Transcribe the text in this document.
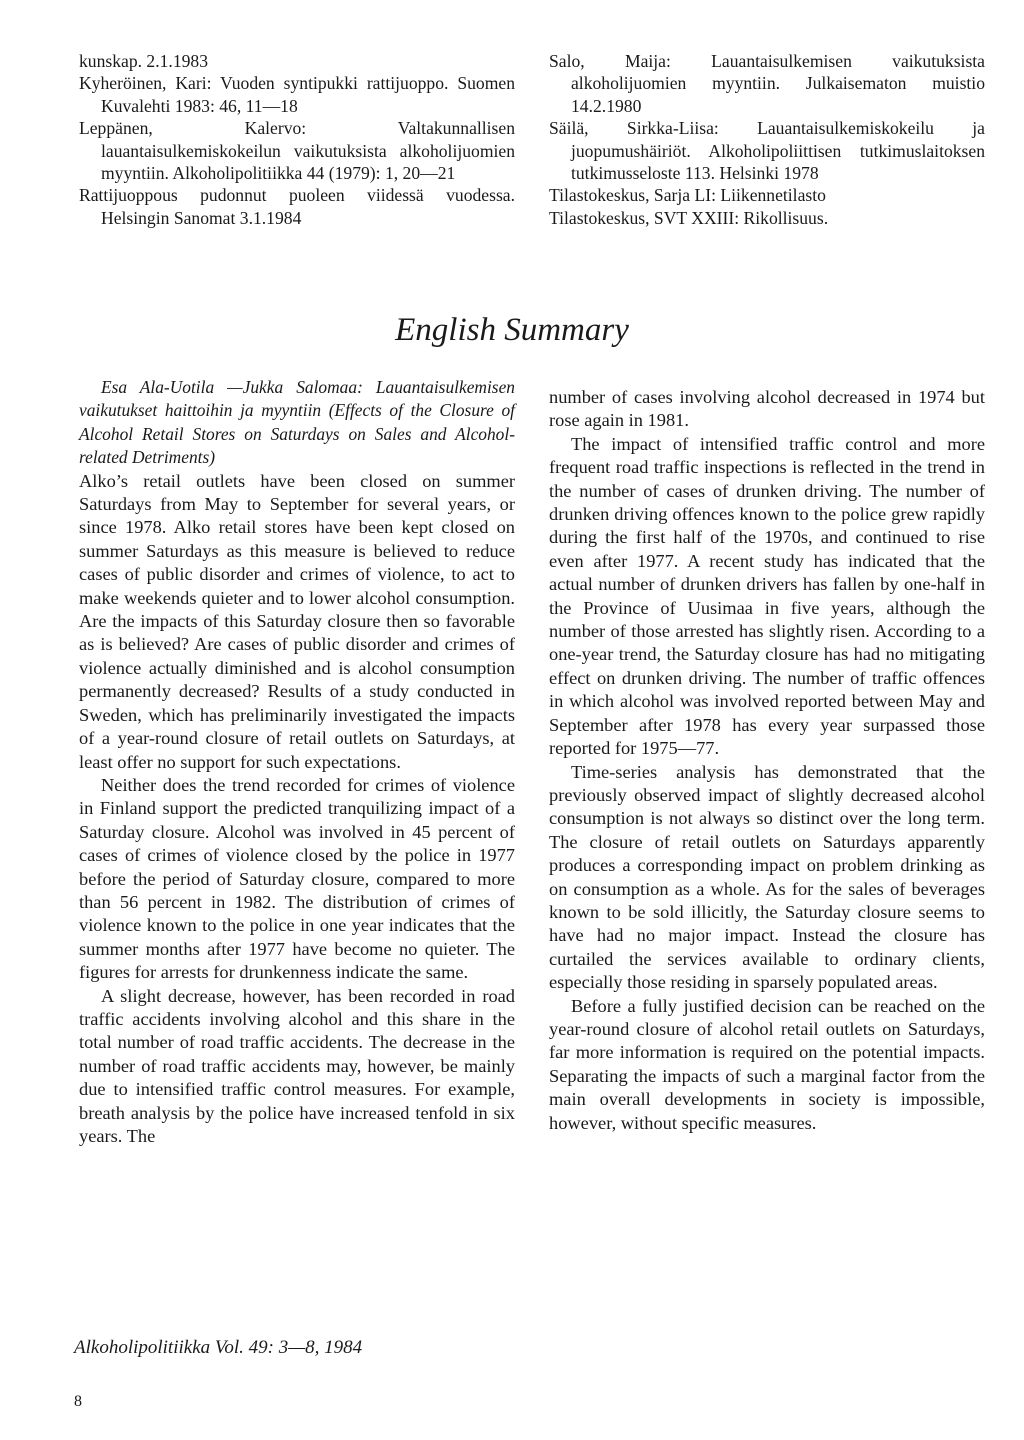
kunskap. 2.1.1983

Kyheröinen, Kari: Vuoden syntipukki rattijuoppo. Suomen Kuvalehti 1983: 46, 11—18

Leppänen, Kalervo: Valtakunnallisen lauantaisulkemiskokeilun vaikutuksista alkoholijuomien myyntiin. Alkoholipolitiikka 44 (1979): 1, 20—21

Rattijuoppous pudonnut puoleen viidessä vuodessa. Helsingin Sanomat 3.1.1984

Salo, Maija: Lauantaisulkemisen vaikutuksista alkoholijuomien myyntiin. Julkaisematon muistio 14.2.1980

Säilä, Sirkka-Liisa: Lauantaisulkemiskokeilu ja juopumushäiriöt. Alkoholipoliittisen tutkimuslaitoksen tutkimusseloste 113. Helsinki 1978

Tilastokeskus, Sarja LI: Liikennetilasto

Tilastokeskus, SVT XXIII: Rikollisuus.

English Summary

Esa Ala-Uotila —Jukka Salomaa: Lauantaisulkemisen vaikutukset haittoihin ja myyntiin (Effects of the Closure of Alcohol Retail Stores on Saturdays on Sales and Alcohol-related Detriments)

Alko’s retail outlets have been closed on summer Saturdays from May to September for several years, or since 1978. Alko retail stores have been kept closed on summer Saturdays as this measure is believed to reduce cases of public disorder and crimes of violence, to act to make weekends quieter and to lower alcohol consumption. Are the impacts of this Saturday closure then so favorable as is believed? Are cases of public disorder and crimes of violence actually diminished and is alcohol consumption permanently decreased? Results of a study conducted in Sweden, which has preliminarily investigated the impacts of a year-round closure of retail outlets on Saturdays, at least offer no support for such expectations.

Neither does the trend recorded for crimes of violence in Finland support the predicted tranquilizing impact of a Saturday closure. Alcohol was involved in 45 percent of cases of crimes of violence closed by the police in 1977 before the period of Saturday closure, compared to more than 56 percent in 1982. The distribution of crimes of violence known to the police in one year indicates that the summer months after 1977 have become no quieter. The figures for arrests for drunkenness indicate the same.

A slight decrease, however, has been recorded in road traffic accidents involving alcohol and this share in the total number of road traffic accidents. The decrease in the number of road traffic accidents may, however, be mainly due to intensified traffic control measures. For example, breath analysis by the police have increased tenfold in six years. The

number of cases involving alcohol decreased in 1974 but rose again in 1981.

The impact of intensified traffic control and more frequent road traffic inspections is reflected in the trend in the number of cases of drunken driving. The number of drunken driving offences known to the police grew rapidly during the first half of the 1970s, and continued to rise even after 1977. A recent study has indicated that the actual number of drunken drivers has fallen by one-half in the Province of Uusimaa in five years, although the number of those arrested has slightly risen. According to a one-year trend, the Saturday closure has had no mitigating effect on drunken driving. The number of traffic offences in which alcohol was involved reported between May and September after 1978 has every year surpassed those reported for 1975—77.

Time-series analysis has demonstrated that the previously observed impact of slightly decreased alcohol consumption is not always so distinct over the long term. The closure of retail outlets on Saturdays apparently produces a corresponding impact on problem drinking as on consumption as a whole. As for the sales of beverages known to be sold illicitly, the Saturday closure seems to have had no major impact. Instead the closure has curtailed the services available to ordinary clients, especially those residing in sparsely populated areas.

Before a fully justified decision can be reached on the year-round closure of alcohol retail outlets on Saturdays, far more information is required on the potential impacts. Separating the impacts of such a marginal factor from the main overall developments in society is impossible, however, without specific measures.

Alkoholipolitiikka Vol. 49: 3—8, 1984
8
